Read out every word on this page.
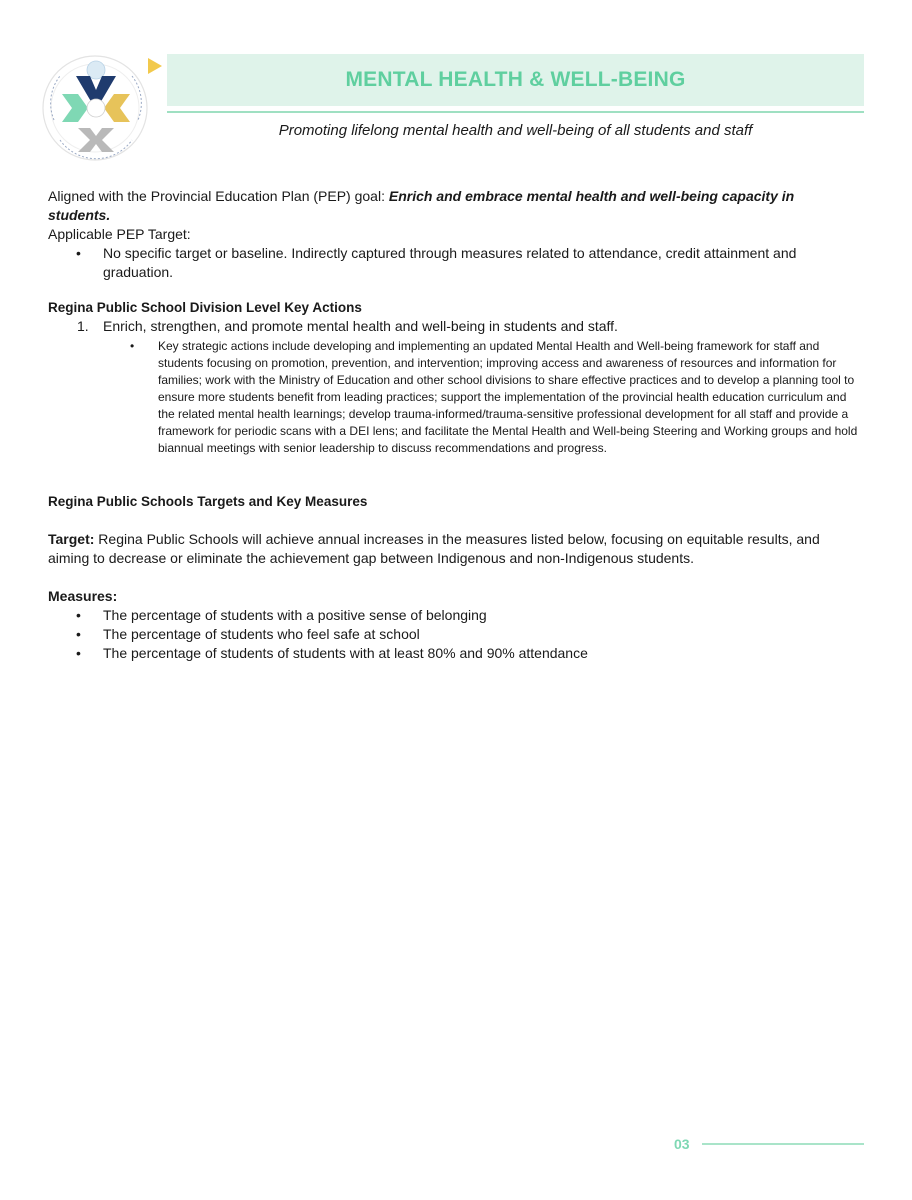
MENTAL HEALTH & WELL-BEING
Promoting lifelong mental health and well-being of all students and staff

Aligned with the Provincial Education Plan (PEP) goal: Enrich and embrace mental health and well-being capacity in students.

Applicable PEP Target:

• No specific target or baseline. Indirectly captured through measures related to attendance, credit attainment and graduation.

Regina Public School Division Level Key Actions

1. Enrich, strengthen, and promote mental health and well-being in students and staff.
• Key strategic actions include developing and implementing an updated Mental Health and Well-being framework for staff and students focusing on promotion, prevention, and intervention; improving access and awareness of resources and information for families; work with the Ministry of Education and other school divisions to share effective practices and to develop a planning tool to ensure more students benefit from leading practices; support the implementation of the provincial health education curriculum and the related mental health learnings; develop trauma-informed/trauma-sensitive professional development for all staff and provide a framework for periodic scans with a DEI lens; and facilitate the Mental Health and Well-being Steering and Working groups and hold biannual meetings with senior leadership to discuss recommendations and progress.

Regina Public Schools Targets and Key Measures

Target: Regina Public Schools will achieve annual increases in the measures listed below, focusing on equitable results, and aiming to decrease or eliminate the achievement gap between Indigenous and non-Indigenous students.

Measures:

• The percentage of students with a positive sense of belonging
• The percentage of students who feel safe at school
• The percentage of students of students with at least 80% and 90% attendance
03
